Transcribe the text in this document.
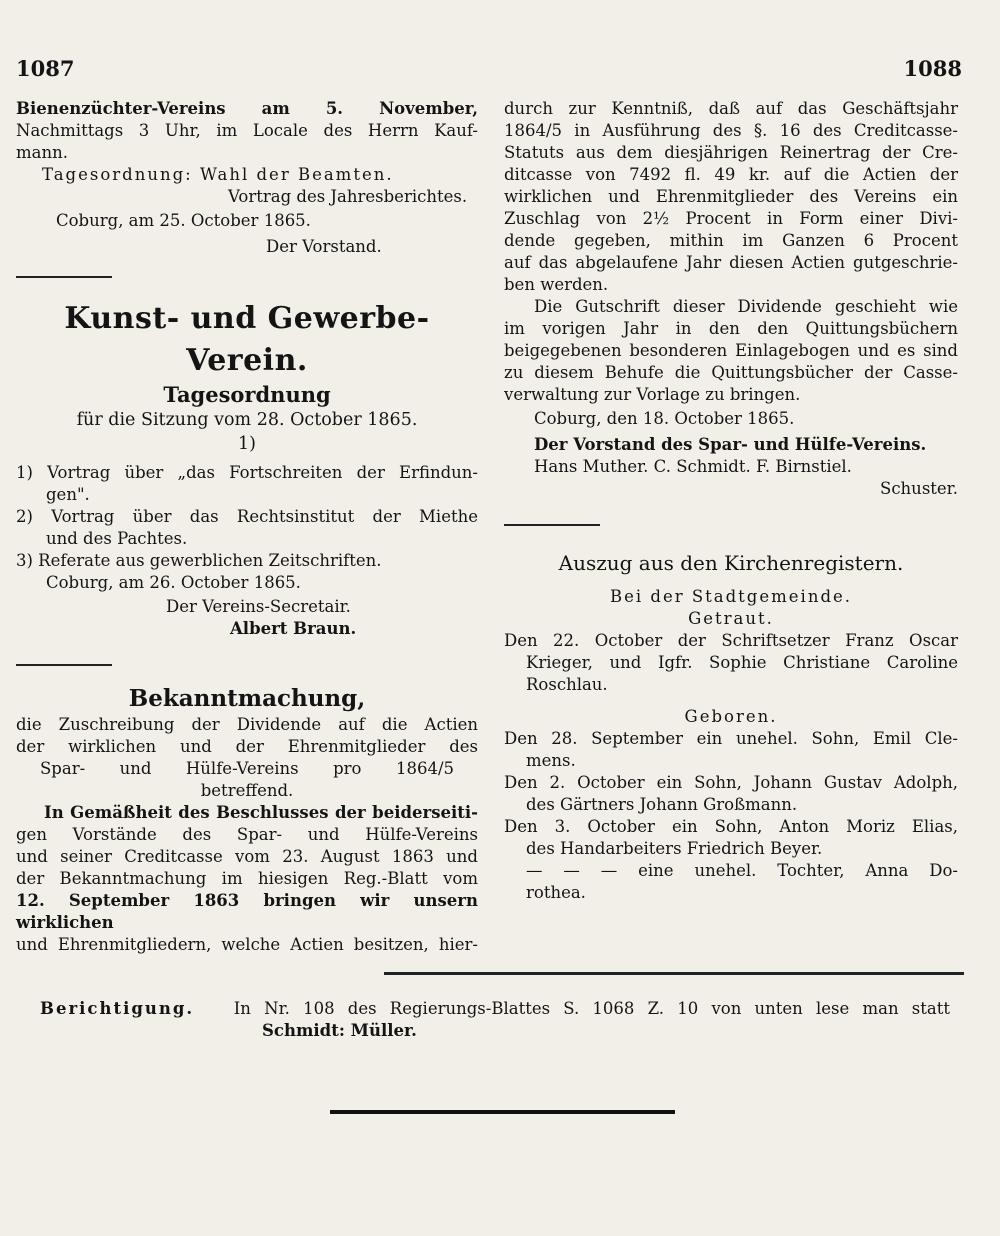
1087	1088
Bienenzüchter-Vereins am 5. November,
Nachmittags 3 Uhr, im Locale des Herrn Kauf-
mann.
Tagesordnung: Wahl der Beamten.
Vortrag des Jahresberichtes.
Coburg, am 25. October 1865.
Der Vorstand.
Kunst- und Gewerbe-Verein.
Tagesordnung
für die Sitzung vom 28. October 1865.
1)
1) Vortrag über „das Fortschreiten der Erfindun-
gen".
2) Vortrag über das Rechtsinstitut der Miethe
und des Pachtes.
3) Referate aus gewerblichen Zeitschriften.
Coburg, am 26. October 1865.
Der Vereins-Secretair.
Albert Braun.
Bekanntmachung,
die Zuschreibung der Dividende auf die Actien
der wirklichen und der Ehrenmitglieder des
Spar- und Hülfe-Vereins pro 1864/5
betreffend.
In Gemäßheit des Beschlusses der beiderseiti-
gen Vorstände des Spar- und Hülfe-Vereins
und seiner Creditcasse vom 23. August 1863 und
der Bekanntmachung im hiesigen Reg.-Blatt vom
12. September 1863 bringen wir unsern wirklichen
und Ehrenmitgliedern, welche Actien besitzen, hier-
durch zur Kenntniß, daß auf das Geschäftsjahr
1864/5 in Ausführung des §. 16 des Creditcasse-
Statuts aus dem diesjährigen Reinertrag der Cre-
ditcasse von 7492 fl. 49 kr. auf die Actien der
wirklichen und Ehrenmitglieder des Vereins ein
Zuschlag von 2½ Procent in Form einer Divi-
dende gegeben, mithin im Ganzen 6 Procent
auf das abgelaufene Jahr diesen Actien gutgeschrie-
ben werden.
Die Gutschrift dieser Dividende geschieht wie
im vorigen Jahr in den den Quittungsbüchern
beigegebenen besonderen Einlagebogen und es sind
zu diesem Behufe die Quittungsbücher der Casse-
verwaltung zur Vorlage zu bringen.
Coburg, den 18. October 1865.
Der Vorstand des Spar- und Hülfe-Vereins.
Hans Muther. C. Schmidt. F. Birnstiel.
Schuster.
Auszug aus den Kirchenregistern.
Bei der Stadtgemeinde.
Getraut.
Den 22. October der Schriftsetzer Franz Oscar
Krieger, und Igfr. Sophie Christiane Caroline
Roschlau.
Geboren.
Den 28. September ein unehel. Sohn, Emil Cle-
mens.
Den 2. October ein Sohn, Johann Gustav Adolph,
des Gärtners Johann Großmann.
Den 3. October ein Sohn, Anton Moriz Elias,
des Handarbeiters Friedrich Beyer.
— — — eine unehel. Tochter, Anna Do-
rothea.
Berichtigung. In Nr. 108 des Regierungs-Blattes S. 1068 Z. 10 von unten lese man statt
Schmidt: Müller.
